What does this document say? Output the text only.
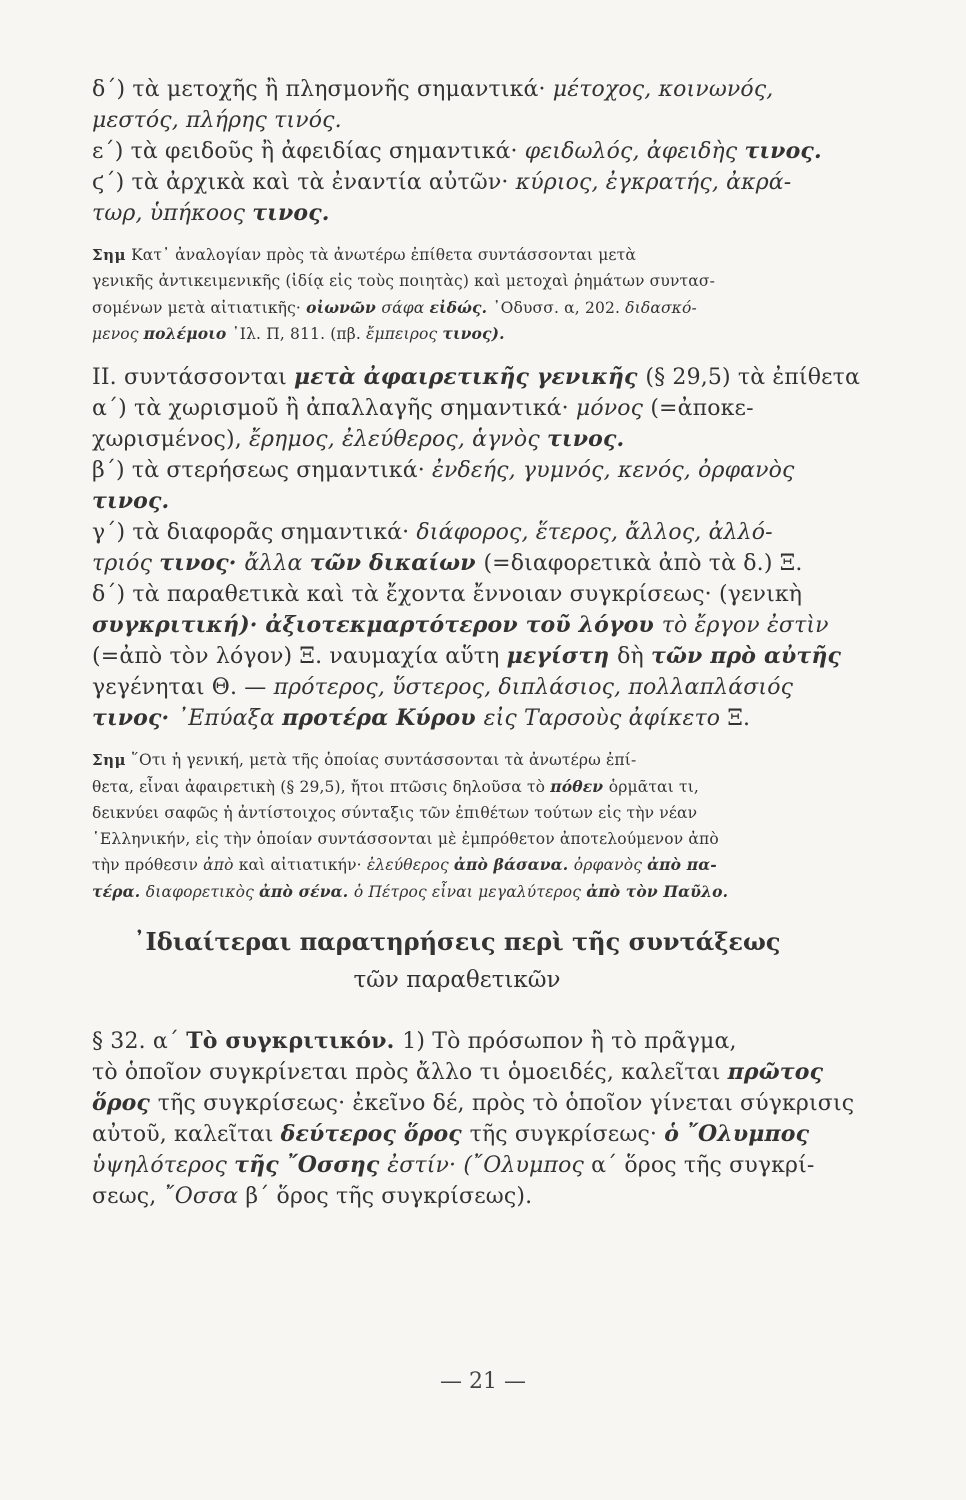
δ΄) τὰ μετοχῆς ἢ πλησμονῆς σημαντικά· μέτοχος, κοινωνός,
μεστός, πλήρης τινός.
ε΄) τὰ φειδοῦς ἢ ἀφειδίας σημαντικά· φειδωλός, ἀφειδὴς τινος.
ϛ΄) τὰ ἀρχικὰ καὶ τὰ ἐναντία αὐτῶν· κύριος, ἐγκρατής, ἀκρά-
τωρ, ὑπήκοος τινος.
Σημ Κατ᾽ ἀναλογίαν πρὸς τὰ ἀνωτέρω ἐπίθετα συντάσσονται μετὰ
γενικῆς ἀντικειμενικῆς (ἰδίᾳ εἰς τοὺς ποιητὰς) καὶ μετοχαὶ ῥημάτων συντασ-
σομένων μετὰ αἰτιατικῆς· οἰωνῶν σάφα εἰδώς. ᾽Οδυσσ. α, 202. διδασκό-
μενος πολέμοιο ᾽Ιλ. Π, 811. (πβ. ἔμπειρος τινος).
ΙΙ. συντάσσονται μετὰ ἀφαιρετικῆς γενικῆς (§ 29,5) τὰ ἐπίθετα
α΄) τὰ χωρισμοῦ ἢ ἀπαλλαγῆς σημαντικά· μόνος (=ἀποκε-
χωρισμένος), ἔρημος, ἐλεύθερος, ἁγνὸς τινος.
β΄) τὰ στερήσεως σημαντικά· ἐνδεής, γυμνός, κενός, ὀρφανὸς
τινος.
γ΄) τὰ διαφορᾶς σημαντικά· διάφορος, ἕτερος, ἄλλος, ἀλλό-
τριός τινος· ἄλλα τῶν δικαίων (=διαφορετικὰ ἀπὸ τὰ δ.) Ξ.
δ΄) τὰ παραθετικὰ καὶ τὰ ἔχοντα ἔννοιαν συγκρίσεως· (γενικὴ
συγκριτική)· ἀξιοτεκμαρτότερον τοῦ λόγου τὸ ἔργον ἐστὶν
(=ἀπὸ τὸν λόγον) Ξ. ναυμαχία αὕτη μεγίστη δὴ τῶν πρὸ αὐτῆς
γεγένηται Θ. — πρότερος, ὕστερος, διπλάσιος, πολλαπλάσιός
τινος· ᾽Επύαξα προτέρα Κύρου εἰς Ταρσοὺς ἀφίκετο Ξ.
Σημ ῞Οτι ἡ γενική, μετὰ τῆς ὁποίας συντάσσονται τὰ ἀνωτέρω ἐπί-
θετα, εἶναι ἀφαιρετικὴ (§ 29,5), ἤτοι πτῶσις δηλοῦσα τὸ πόθεν ὁρμᾶται τι,
δεικνύει σαφῶς ἡ ἀντίστοιχος σύνταξις τῶν ἐπιθέτων τούτων εἰς τὴν νέαν
῾Ελληνικήν, εἰς τὴν ὁποίαν συντάσσονται μὲ ἐμπρόθετον ἀποτελούμενον ἀπὸ
τὴν πρόθεσιν ἀπὸ καὶ αἰτιατικήν· ἐλεύθερος ἀπὸ βάσανα. ὀρφανὸς ἀπὸ πα-
τέρα. διαφορετικὸς ἀπὸ σένα. ὁ Πέτρος εἶναι μεγαλύτερος ἀπὸ τὸν Παῦλο.
᾽Ιδιαίτεραι παρατηρήσεις περὶ τῆς συντάξεως
τῶν παραθετικῶν
§ 32. α΄ Τὸ συγκριτικόν. 1) Τὸ πρόσωπον ἢ τὸ πρᾶγμα,
τὸ ὁποῖον συγκρίνεται πρὸς ἄλλο τι ὁμοειδές, καλεῖται πρῶτος
ὅρος τῆς συγκρίσεως· ἐκεῖνο δέ, πρὸς τὸ ὁποῖον γίνεται σύγκρισις
αὐτοῦ, καλεῖται δεύτερος ὅρος τῆς συγκρίσεως· ὁ ῎Ολυμπος
ὑψηλότερος τῆς ῎Οσσης ἐστίν· (῎Ολυμπος α΄ ὅρος τῆς συγκρί-
σεως, ῎Οσσα β΄ ὅρος τῆς συγκρίσεως).
— 21 —
